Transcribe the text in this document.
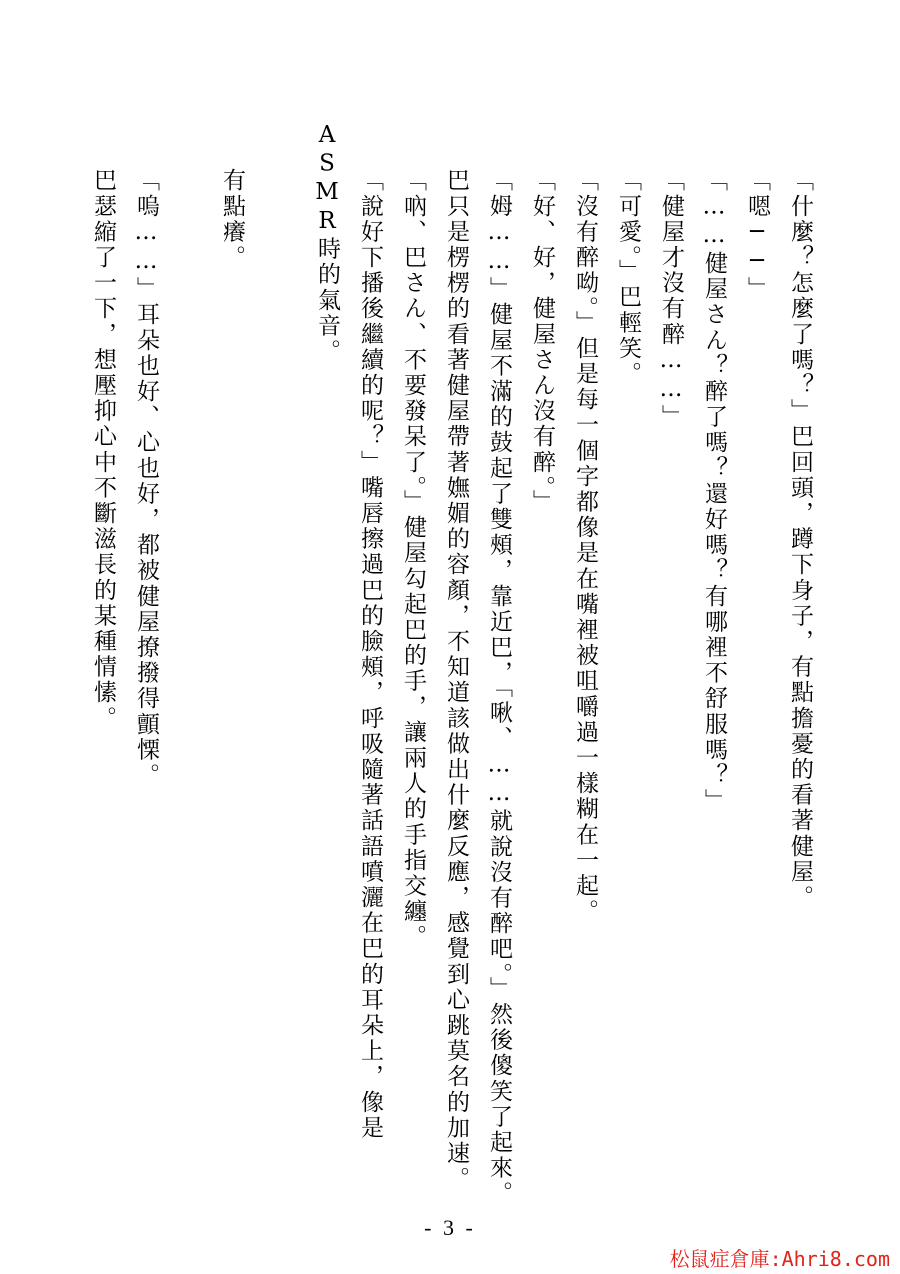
「什麼？怎麼了嗎？」巴回頭，蹲下身子，有點擔憂的看著健屋。
「嗯──」
「……健屋さん？醉了嗎？還好嗎？有哪裡不舒服嗎？」
「健屋才沒有醉……」
「可愛。」巴輕笑。
「沒有醉呦。」但是每一個字都像是在嘴裡被咀嚼過一樣糊在一起。
「好、好，健屋さん沒有醉。」
「姆……」健屋不滿的鼓起了雙頰，靠近巴，「啾、……就說沒有醉吧。」然後傻笑了起來。
巴只是楞楞的看著健屋帶著嫵媚的容顏，不知道該做出什麼反應，感覺到心跳莫名的加速。
「吶、巴さん、不要發呆了。」健屋勾起巴的手，讓兩人的手指交纏。
「說好下播後繼續的呢？」嘴唇擦過巴的臉頰，呼吸隨著話語噴灑在巴的耳朵上，像是
ASMR時的氣音。
有點癢。
「嗚……」耳朵也好、心也好，都被健屋撩撥得顫慄。
巴瑟縮了一下，想壓抑心中不斷滋長的某種情愫。
- 3 -
松鼠症倉庫:Ahri8.com
